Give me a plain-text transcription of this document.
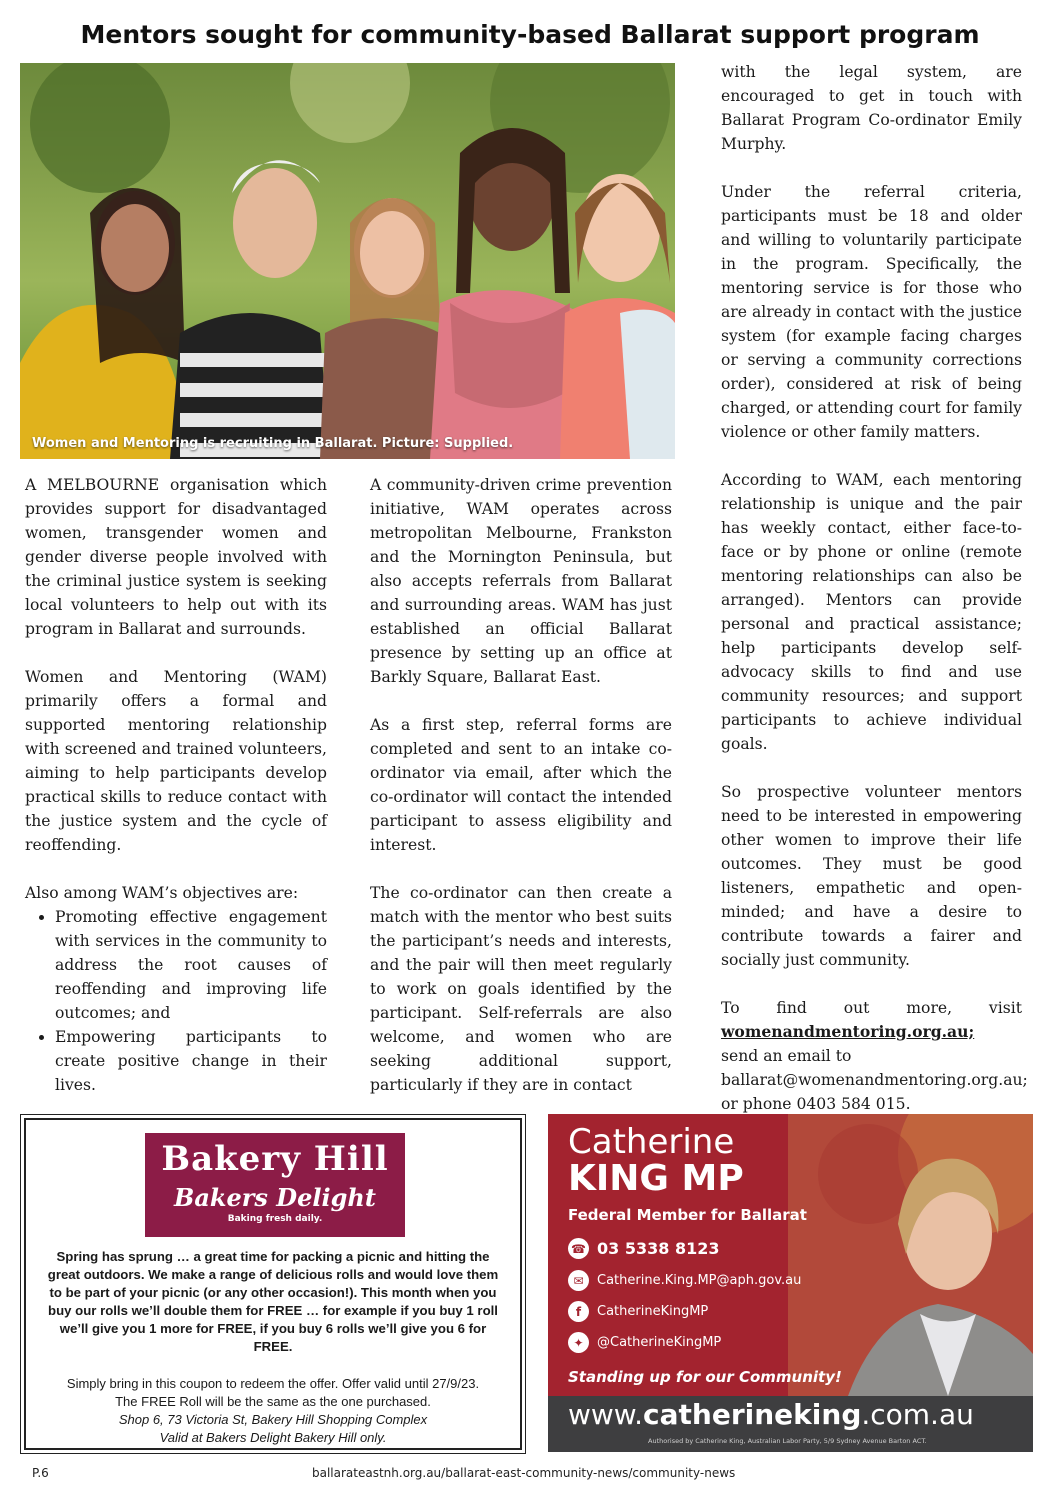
Mentors sought for community-based Ballarat support program
Women and Mentoring is recruiting in Ballarat. Picture: Supplied.

A MELBOURNE organisation which provides support for disadvantaged women, transgender women and gender diverse people involved with the criminal justice system is seeking local volunteers to help out with its program in Ballarat and surrounds.

Women and Mentoring (WAM) primarily offers a formal and supported mentoring relationship with screened and trained volunteers, aiming to help participants develop practical skills to reduce contact with the justice system and the cycle of reoffending.

Also among WAM’s objectives are:

• Promoting effective engagement with services in the community to address the root causes of reoffending and improving life outcomes; and
• Empowering participants to create positive change in their lives.

A community-driven crime prevention initiative, WAM operates across metropolitan Melbourne, Frankston and the Mornington Peninsula, but also accepts referrals from Ballarat and surrounding areas. WAM has just established an official Ballarat presence by setting up an office at Barkly Square, Ballarat East.

As a first step, referral forms are completed and sent to an intake co-ordinator via email, after which the co-ordinator will contact the intended participant to assess eligibility and interest.

The co-ordinator can then create a match with the mentor who best suits the participant’s needs and interests, and the pair will then meet regularly to work on goals identified by the participant. Self-referrals are also welcome, and women who are seeking additional support, particularly if they are in contact

with the legal system, are encouraged to get in touch with Ballarat Program Co-ordinator Emily Murphy.

Under the referral criteria, participants must be 18 and older and willing to voluntarily participate in the program. Specifically, the mentoring service is for those who are already in contact with the justice system (for example facing charges or serving a community corrections order), considered at risk of being charged, or attending court for family violence or other family matters.

According to WAM, each mentoring relationship is unique and the pair has weekly contact, either face-to-face or by phone or online (remote mentoring relationships can also be arranged). Mentors can provide personal and practical assistance; help participants develop self-advocacy skills to find and use community resources; and support participants to achieve individual goals.

So prospective volunteer mentors need to be interested in empowering other women to improve their life outcomes. They must be good listeners, empathetic and open-minded; and have a desire to contribute towards a fairer and socially just community.

To find out more, visit womenandmentoring.org.au;

send an email to
ballarat@womenandmentoring.org.au;
or phone 0403 584 015.
Bakery Hill
Bakers Delight
Baking fresh daily.
Spring has sprung … a great time for packing a picnic and hitting the great outdoors. We make a range of delicious rolls and would love them to be part of your picnic (or any other occasion!). This month when you buy our rolls we’ll double them for FREE … for example if you buy 1 roll we’ll give you 1 more for FREE, if you buy 6 rolls we’ll give you 6 for FREE.
Simply bring in this coupon to redeem the offer. Offer valid until 27/9/23.
The FREE Roll will be the same as the one purchased.
Shop 6, 73 Victoria St, Bakery Hill Shopping Complex
Valid at Bakers Delight Bakery Hill only.
Catherine
KING MP
Federal Member for Ballarat
☎ 03 5338 8123
✉	Catherine.King.MP@aph.gov.au
f	CatherineKingMP
✦	@CatherineKingMP
Standing up for our Community!
www.catherineking.com.au
Authorised by Catherine King, Australian Labor Party, 5/9 Sydney Avenue Barton ACT.
P.6	ballarateastnh.org.au/ballarat-east-community-news/community-news
